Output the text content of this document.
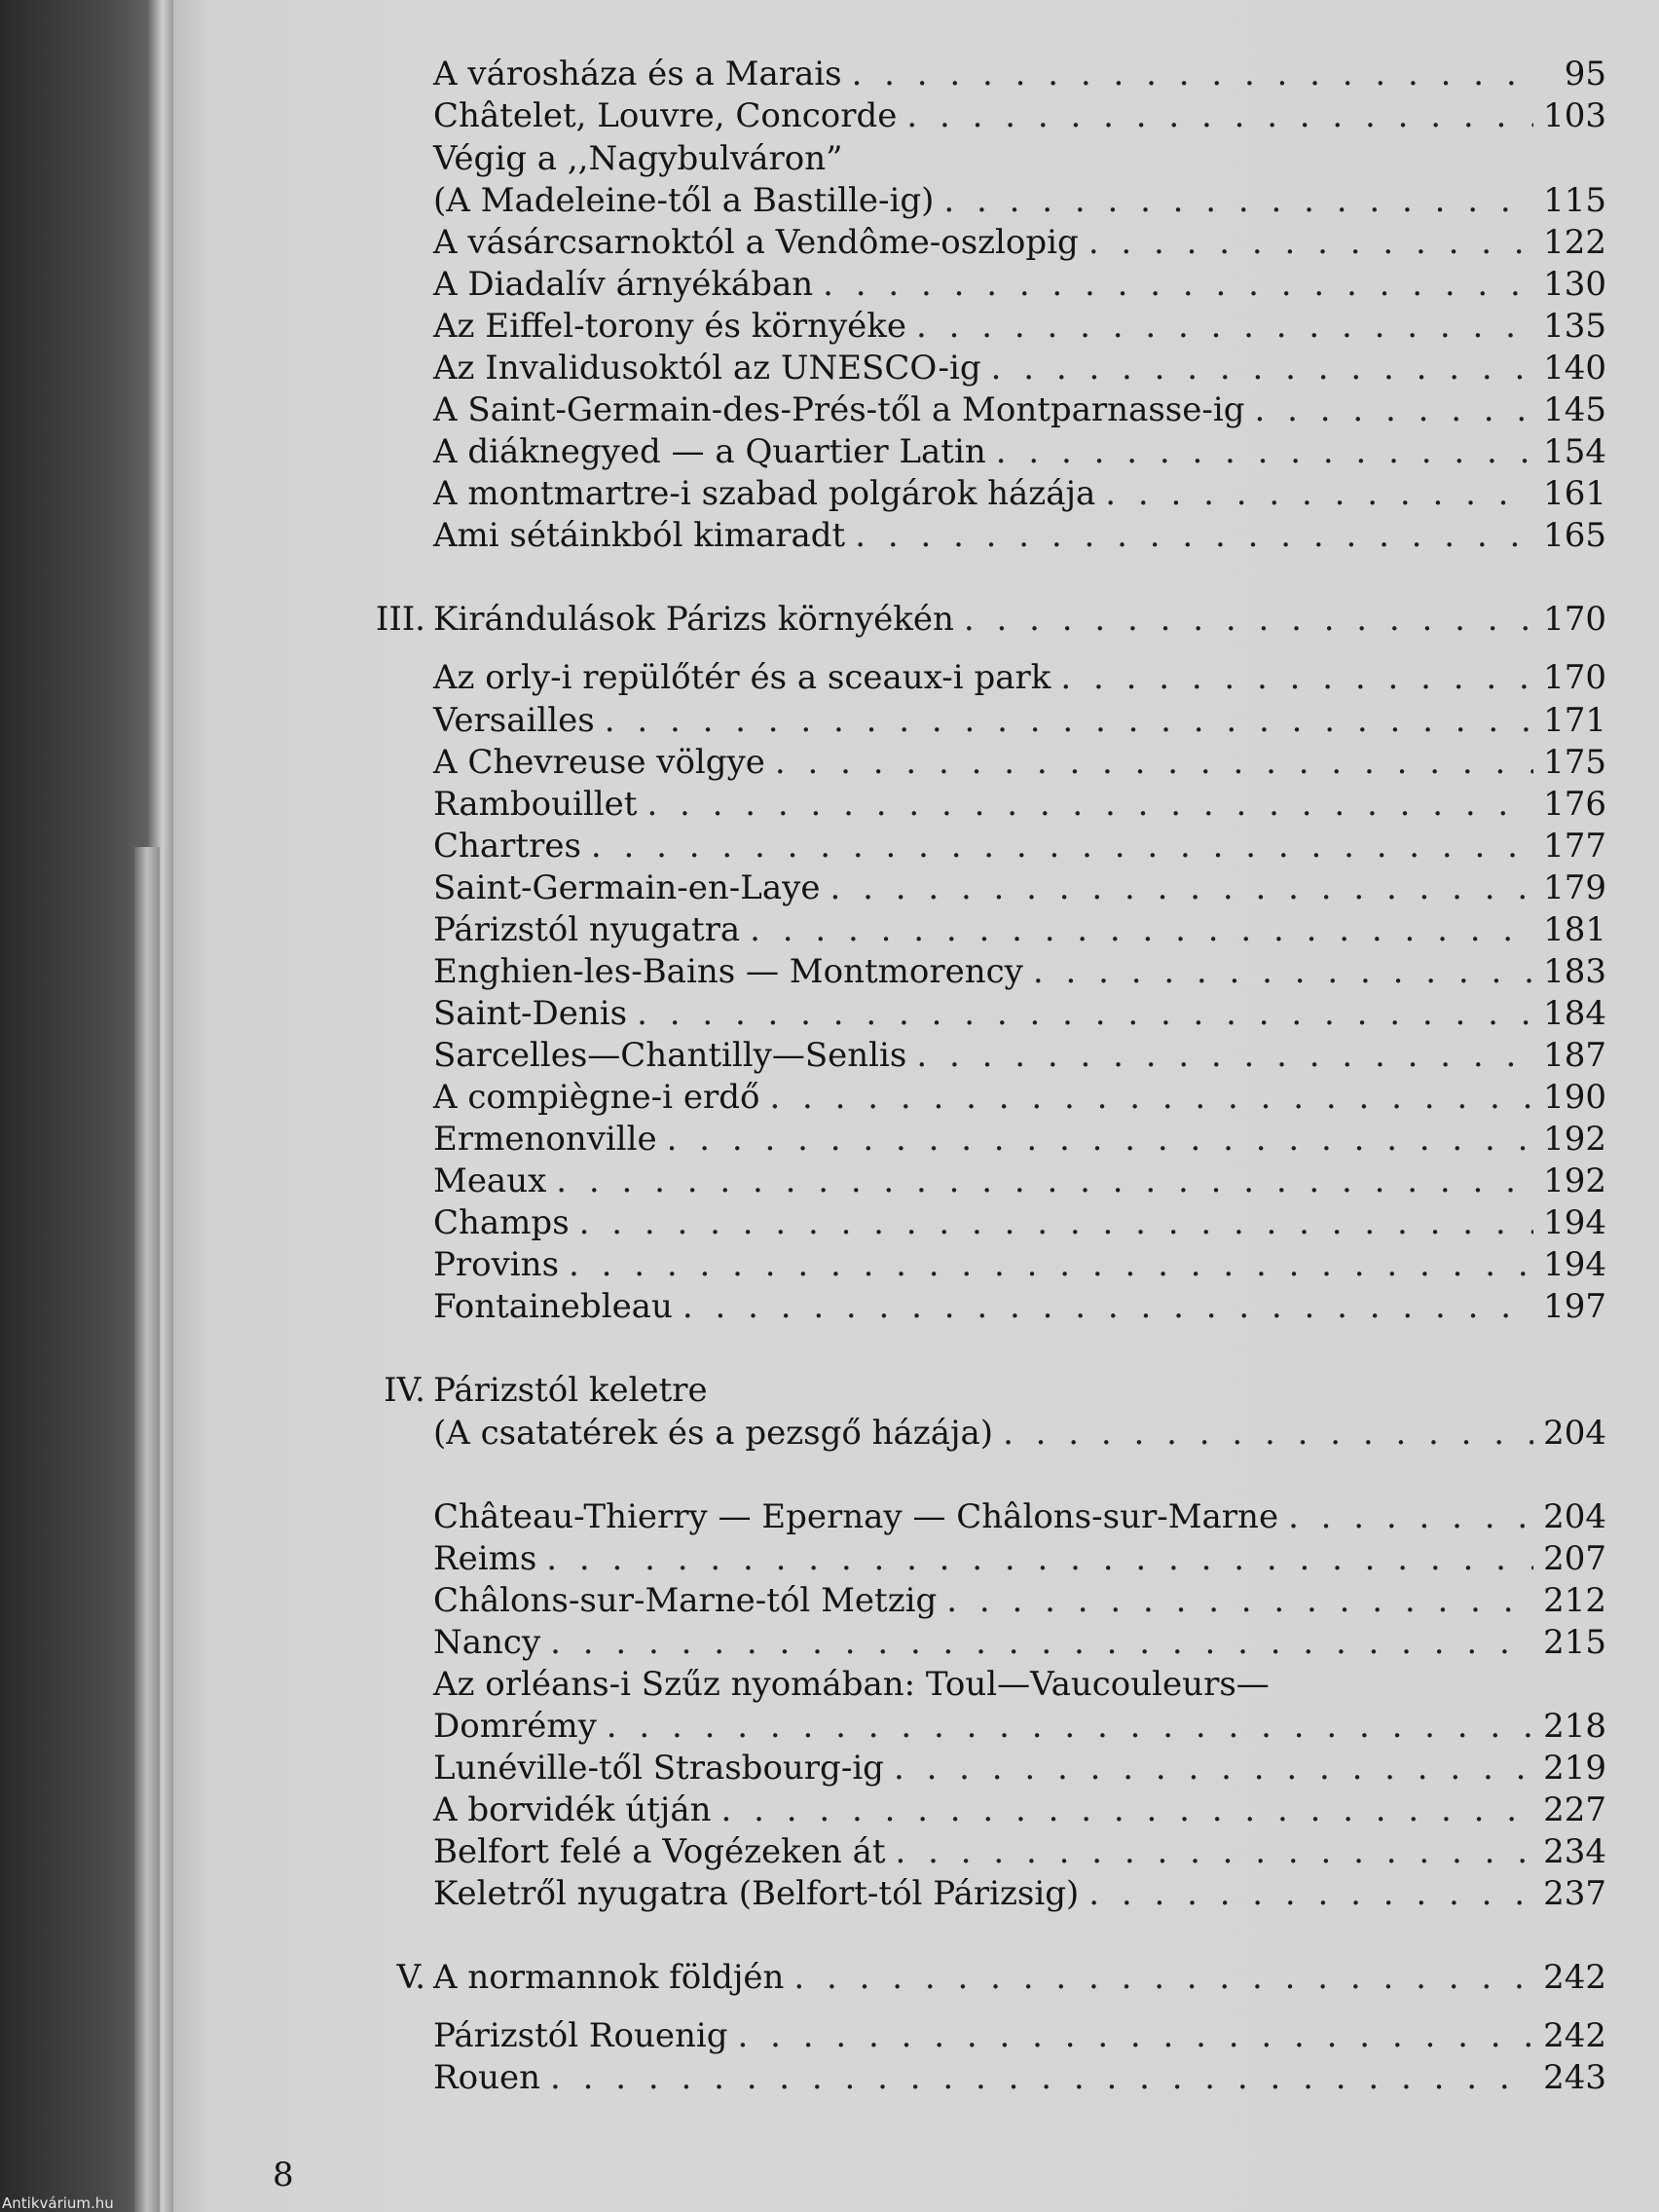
A városháza és a Marais . . .	95
Châtelet, Louvre, Concorde . . .	103
Végig a ,,Nagybulváron”
(A Madeleine-től a Bastille-ig) . . .	115
A vásárcsarnoktól a Vendôme-oszlopig . . .	122
A Diadalív árnyékában . . .	130
Az Eiffel-torony és környéke . . .	135
Az Invalidusoktól az UNESCO-ig . . .	140
A Saint-Germain-des-Prés-től a Montparnasse-ig . . .	145
A diáknegyed — a Quartier Latin . . .	154
A montmartre-i szabad polgárok házája . . .	161
Ami sétáinkból kimaradt . . .	165
III. Kirándulások Párizs környékén . . .	170
Az orly-i repülőtér és a sceaux-i park . . .	170
Versailles . . .	171
A Chevreuse völgye . . .	175
Rambouillet . . .	176
Chartres . . .	177
Saint-Germain-en-Laye . . .	179
Párizstól nyugatra . . .	181
Enghien-les-Bains — Montmorency . . .	183
Saint-Denis . . .	184
Sarcelles—Chantilly—Senlis . . .	187
A compiègne-i erdő . . .	190
Ermenonville . . .	192
Meaux . . .	192
Champs . . .	194
Provins . . .	194
Fontainebleau . . .	197
IV. Párizstól keletre
(A csatatérek és a pezsgő házája) . . .	204
Château-Thierry — Epernay — Châlons-sur-Marne . . .	204
Reims . . .	207
Châlons-sur-Marne-tól Metzig . . .	212
Nancy . . .	215
Az orléans-i Szűz nyomában: Toul—Vaucouleurs—
Domrémy . . .	218
Lunéville-től Strasbourg-ig . . .	219
A borvidék útján . . .	227
Belfort felé a Vogézeken át . . .	234
Keletről nyugatra (Belfort-tól Párizsig) . . .	237
V. A normannok földjén . . .	242
Párizstól Rouenig . . .	242
Rouen . . .	243
8
Antikvárium.hu
